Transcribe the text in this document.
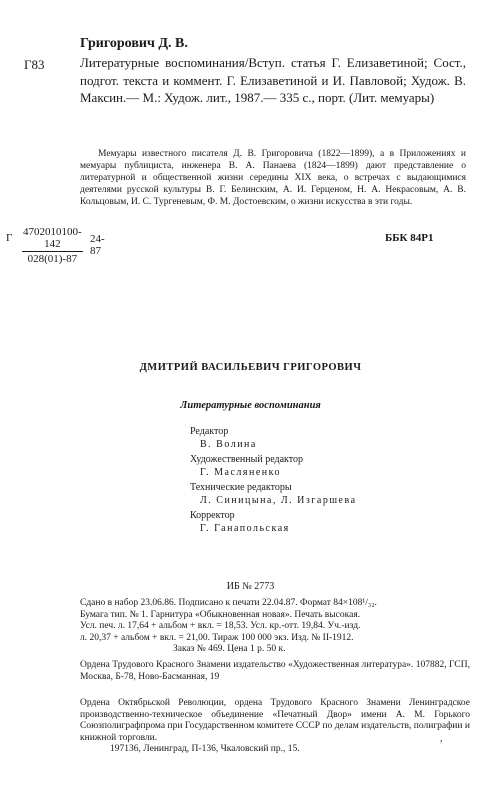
Г83
Григорович Д. В.
Литературные воспоминания/Вступ. статья Г. Елизаветиной; Сост., подгот. текста и коммент. Г. Елизаветиной и И. Павловой; Худож. В. Максин.— М.: Худож. лит., 1987.— 335 с., порт. (Лит. мемуары)
Мемуары известного писателя Д. В. Григоровича (1822—1899), а в Приложениях и мемуары публициста, инженера В. А. Панаева (1824—1899) дают представление о литературной и общественной жизни середины XIX века, о встречах с выдающимися деятелями русской культуры В. Г. Белинским, А. И. Герценом, Н. А. Некрасовым, А. В. Кольцовым, И. С. Тургеневым, Ф. М. Достоевским, о жизни искусства в эти годы.
Г $\frac{4702010100-142}{028(01)-87} 24-87$
ББК 84Р1
ДМИТРИЙ ВАСИЛЬЕВИЧ ГРИГОРОВИЧ
Литературные воспоминания
Редактор
В. Волина
Художественный редактор
Г. Масляненко
Технические редакторы
Л. Синицына, Л. Изгаршева
Корректор
Г. Ганапольская
ИБ № 2773
Сдано в набор 23.06.86. Подписано к печати 22.04.87. Формат 84×108¹/₃₂.
Бумага тип. № 1. Гарнитура «Обыкновенная новая». Печать высокая.
Усл. печ. л. 17,64 + альбом + вкл. = 18,53. Усл. кр.-отт. 19,84. Уч.-изд.
л. 20,37 + альбом + вкл. = 21,00. Тираж 100 000 экз. Изд. № II-1912.
Заказ № 469. Цена 1 р. 50 к.
Ордена Трудового Красного Знамени издательство «Художественная литература». 107882, ГСП, Москва, Б-78, Ново-Басманная, 19
Ордена Октябрьской Революции, ордена Трудового Красного Знамени Ленинградское производственно-техническое объединение «Печатный Двор» имени А. М. Горького Союзполиграфпрома при Государственном комитете СССР по делам издательств, полиграфии и книжной торговли.
197136, Ленинград, П-136, Чкаловский пр., 15.
,
